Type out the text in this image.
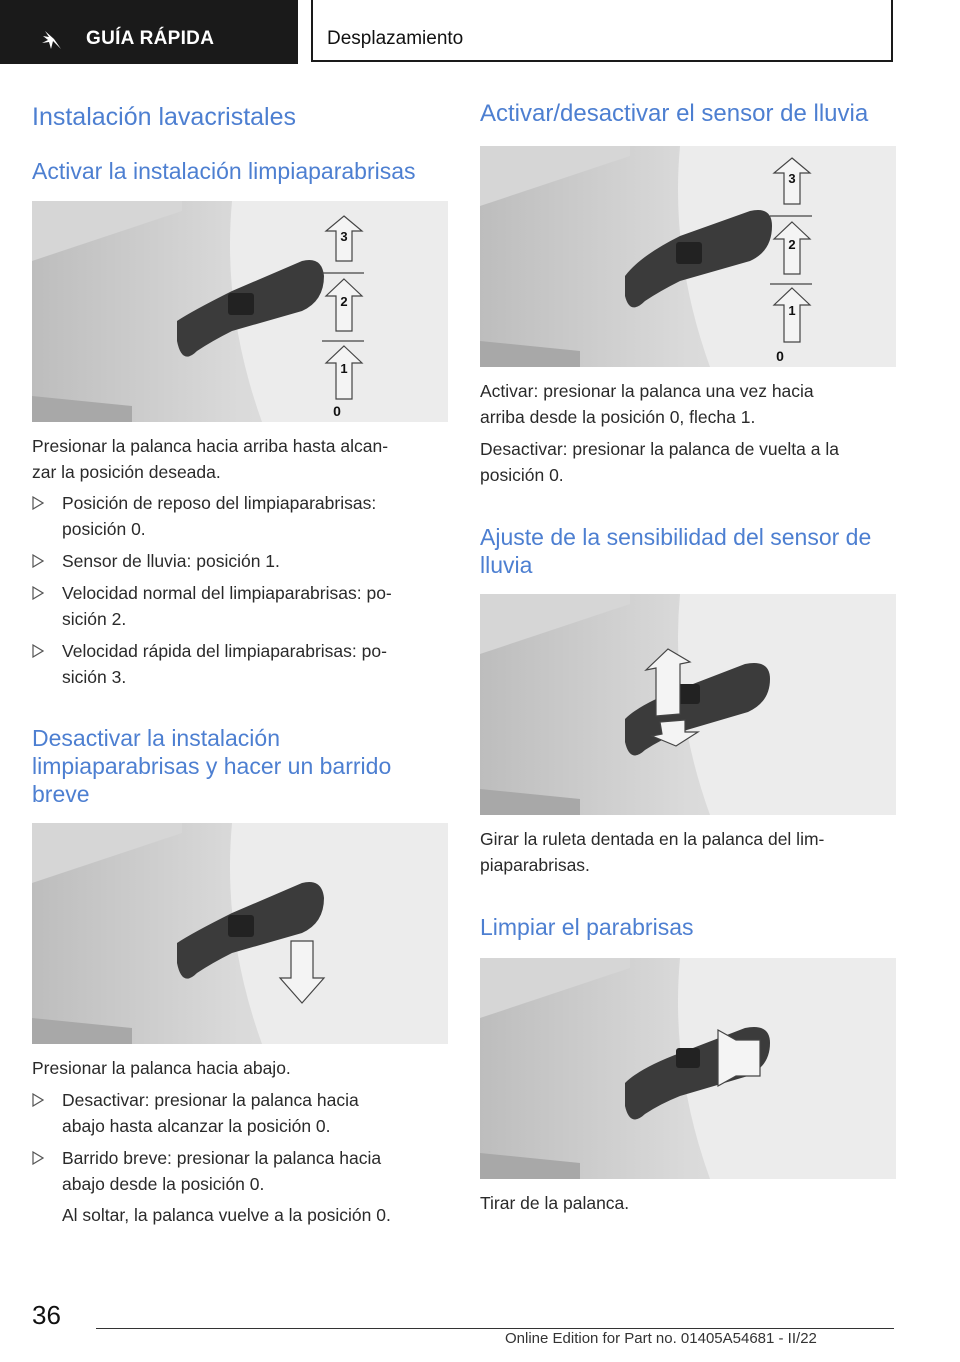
GUÍA RÁPIDA	Desplazamiento
Instalación lavacristales
Activar la instalación limpiaparabrisas
3
2
1
0
Presionar la palanca hacia arriba hasta alcan-
zar la posición deseada.
Posición de reposo del limpiaparabrisas:
posición 0.
Sensor de lluvia: posición 1.
Velocidad normal del limpiaparabrisas: po-
sición 2.
Velocidad rápida del limpiaparabrisas: po-
sición 3.
Desactivar la instalación
limpiaparabrisas y hacer un barrido
breve
Presionar la palanca hacia abajo.
Desactivar: presionar la palanca hacia
abajo hasta alcanzar la posición 0.
Barrido breve: presionar la palanca hacia
abajo desde la posición 0.
Al soltar, la palanca vuelve a la posición 0.
Activar/desactivar el sensor de lluvia
3
2
1
0
Activar: presionar la palanca una vez hacia
arriba desde la posición 0, flecha 1.
Desactivar: presionar la palanca de vuelta a la
posición 0.
Ajuste de la sensibilidad del sensor de
lluvia
Girar la ruleta dentada en la palanca del lim-
piaparabrisas.
Limpiar el parabrisas
Tirar de la palanca.
36
Online Edition for Part no. 01405A54681 - II/22
